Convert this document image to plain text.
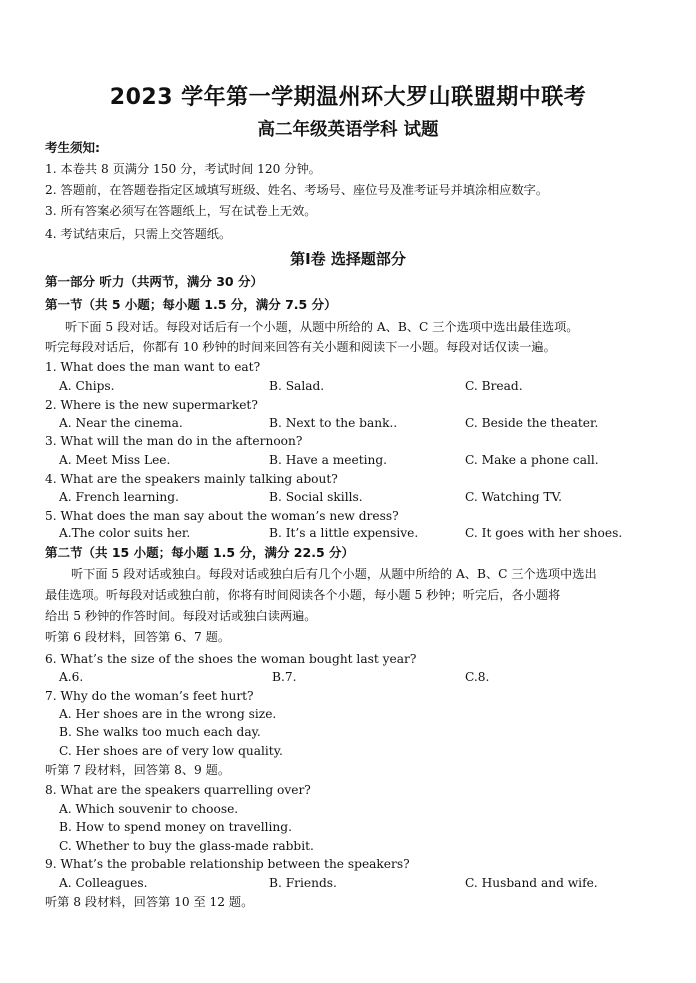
2023 学年第一学期温州环大罗山联盟期中联考
高二年级英语学科 试题
考生须知:
1. 本卷共 8 页满分 150 分，考试时间 120 分钟。
2. 答题前，在答题卷指定区域填写班级、姓名、考场号、座位号及准考证号并填涂相应数字。
3. 所有答案必须写在答题纸上，写在试卷上无效。
4. 考试结束后，只需上交答题纸。
第Ⅰ卷 选择题部分
第一部分 听力（共两节，满分 30 分）
第一节（共 5 小题；每小题 1.5 分，满分 7.5 分）
听下面 5 段对话。每段对话后有一个小题，从题中所给的 A、B、C 三个选项中选出最佳选项。
听完每段对话后，你都有 10 秒钟的时间来回答有关小题和阅读下一小题。每段对话仅读一遍。
1. What does the man want to eat?
A. Chips.	B. Salad.	C. Bread.
2. Where is the new supermarket?
A. Near the cinema.	B. Next to the bank..	C. Beside the theater.
3. What will the man do in the afternoon?
A. Meet Miss Lee.	B. Have a meeting.	C. Make a phone call.
4. What are the speakers mainly talking about?
A. French learning.	B. Social skills.	C. Watching TV.
5. What does the man say about the woman’s new dress?
A.The color suits her.	B. It’s a little expensive.	C. It goes with her shoes.
第二节（共 15 小题；每小题 1.5 分，满分 22.5 分）
听下面 5 段对话或独白。每段对话或独白后有几个小题，从题中所给的 A、B、C 三个选项中选出
最佳选项。听每段对话或独白前，你将有时间阅读各个小题，每小题 5 秒钟；听完后，各小题将
给出 5 秒钟的作答时间。每段对话或独白读两遍。
听第 6 段材料，回答第 6、7 题。
6. What’s the size of the shoes the woman bought last year?
A.6.	B.7.	C.8.
7. Why do the woman’s feet hurt?
A. Her shoes are in the wrong size.
B. She walks too much each day.
C. Her shoes are of very low quality.
听第 7 段材料，回答第 8、9 题。
8. What are the speakers quarrelling over?
A. Which souvenir to choose.
B. How to spend money on travelling.
C. Whether to buy the glass-made rabbit.
9. What’s the probable relationship between the speakers?
A. Colleagues.	B. Friends.	C. Husband and wife.
听第 8 段材料，回答第 10 至 12 题。
